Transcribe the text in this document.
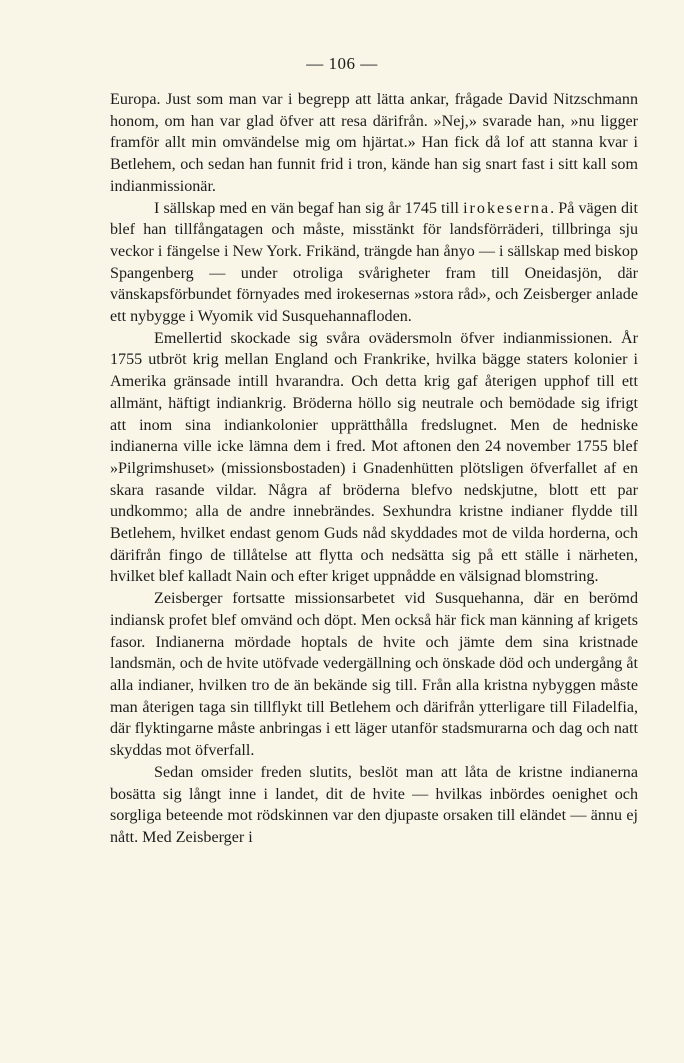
— 106 —

Europa. Just som man var i begrepp att lätta ankar, frågade David Nitzschmann honom, om han var glad öfver att resa därifrån. »Nej,» svarade han, »nu ligger framför allt min omvändelse mig om hjärtat.» Han fick då lof att stanna kvar i Betlehem, och sedan han funnit frid i tron, kände han sig snart fast i sitt kall som indianmissionär.

I sällskap med en vän begaf han sig år 1745 till irokeserna. På vägen dit blef han tillfångatagen och måste, misstänkt för landsförräderi, tillbringa sju veckor i fängelse i New York. Frikänd, trängde han ånyo — i sällskap med biskop Spangenberg — under otroliga svårigheter fram till Oneidasjön, där vänskapsförbundet förnyades med irokesernas »stora råd», och Zeisberger anlade ett nybygge i Wyomik vid Susquehannafloden.

Emellertid skockade sig svåra ovädersmoln öfver indianmissionen. År 1755 utbröt krig mellan England och Frankrike, hvilka bägge staters kolonier i Amerika gränsade intill hvarandra. Och detta krig gaf återigen upphof till ett allmänt, häftigt indiankrig. Bröderna höllo sig neutrale och bemödade sig ifrigt att inom sina indiankolonier upprätthålla fredslugnet. Men de hedniske indianerna ville icke lämna dem i fred. Mot aftonen den 24 november 1755 blef »Pilgrimshuset» (missionsbostaden) i Gnadenhütten plötsligen öfverfallet af en skara rasande vildar. Några af bröderna blefvo nedskjutne, blott ett par undkommo; alla de andre innebrändes. Sexhundra kristne indianer flydde till Betlehem, hvilket endast genom Guds nåd skyddades mot de vilda horderna, och därifrån fingo de tillåtelse att flytta och nedsätta sig på ett ställe i närheten, hvilket blef kalladt Nain och efter kriget uppnådde en välsignad blomstring.

Zeisberger fortsatte missionsarbetet vid Susquehanna, där en berömd indiansk profet blef omvänd och döpt. Men också här fick man känning af krigets fasor. Indianerna mördade hoptals de hvite och jämte dem sina kristnade landsmän, och de hvite utöfvade vedergällning och önskade död och undergång åt alla indianer, hvilken tro de än bekände sig till. Från alla kristna nybyggen måste man återigen taga sin tillflykt till Betlehem och därifrån ytterligare till Filadelfia, där flyktingarne måste anbringas i ett läger utanför stadsmurarna och dag och natt skyddas mot öfverfall.

Sedan omsider freden slutits, beslöt man att låta de kristne indianerna bosätta sig långt inne i landet, dit de hvite — hvilkas inbördes oenighet och sorgliga beteende mot rödskinnen var den djupaste orsaken till eländet — ännu ej nått. Med Zeisberger i
